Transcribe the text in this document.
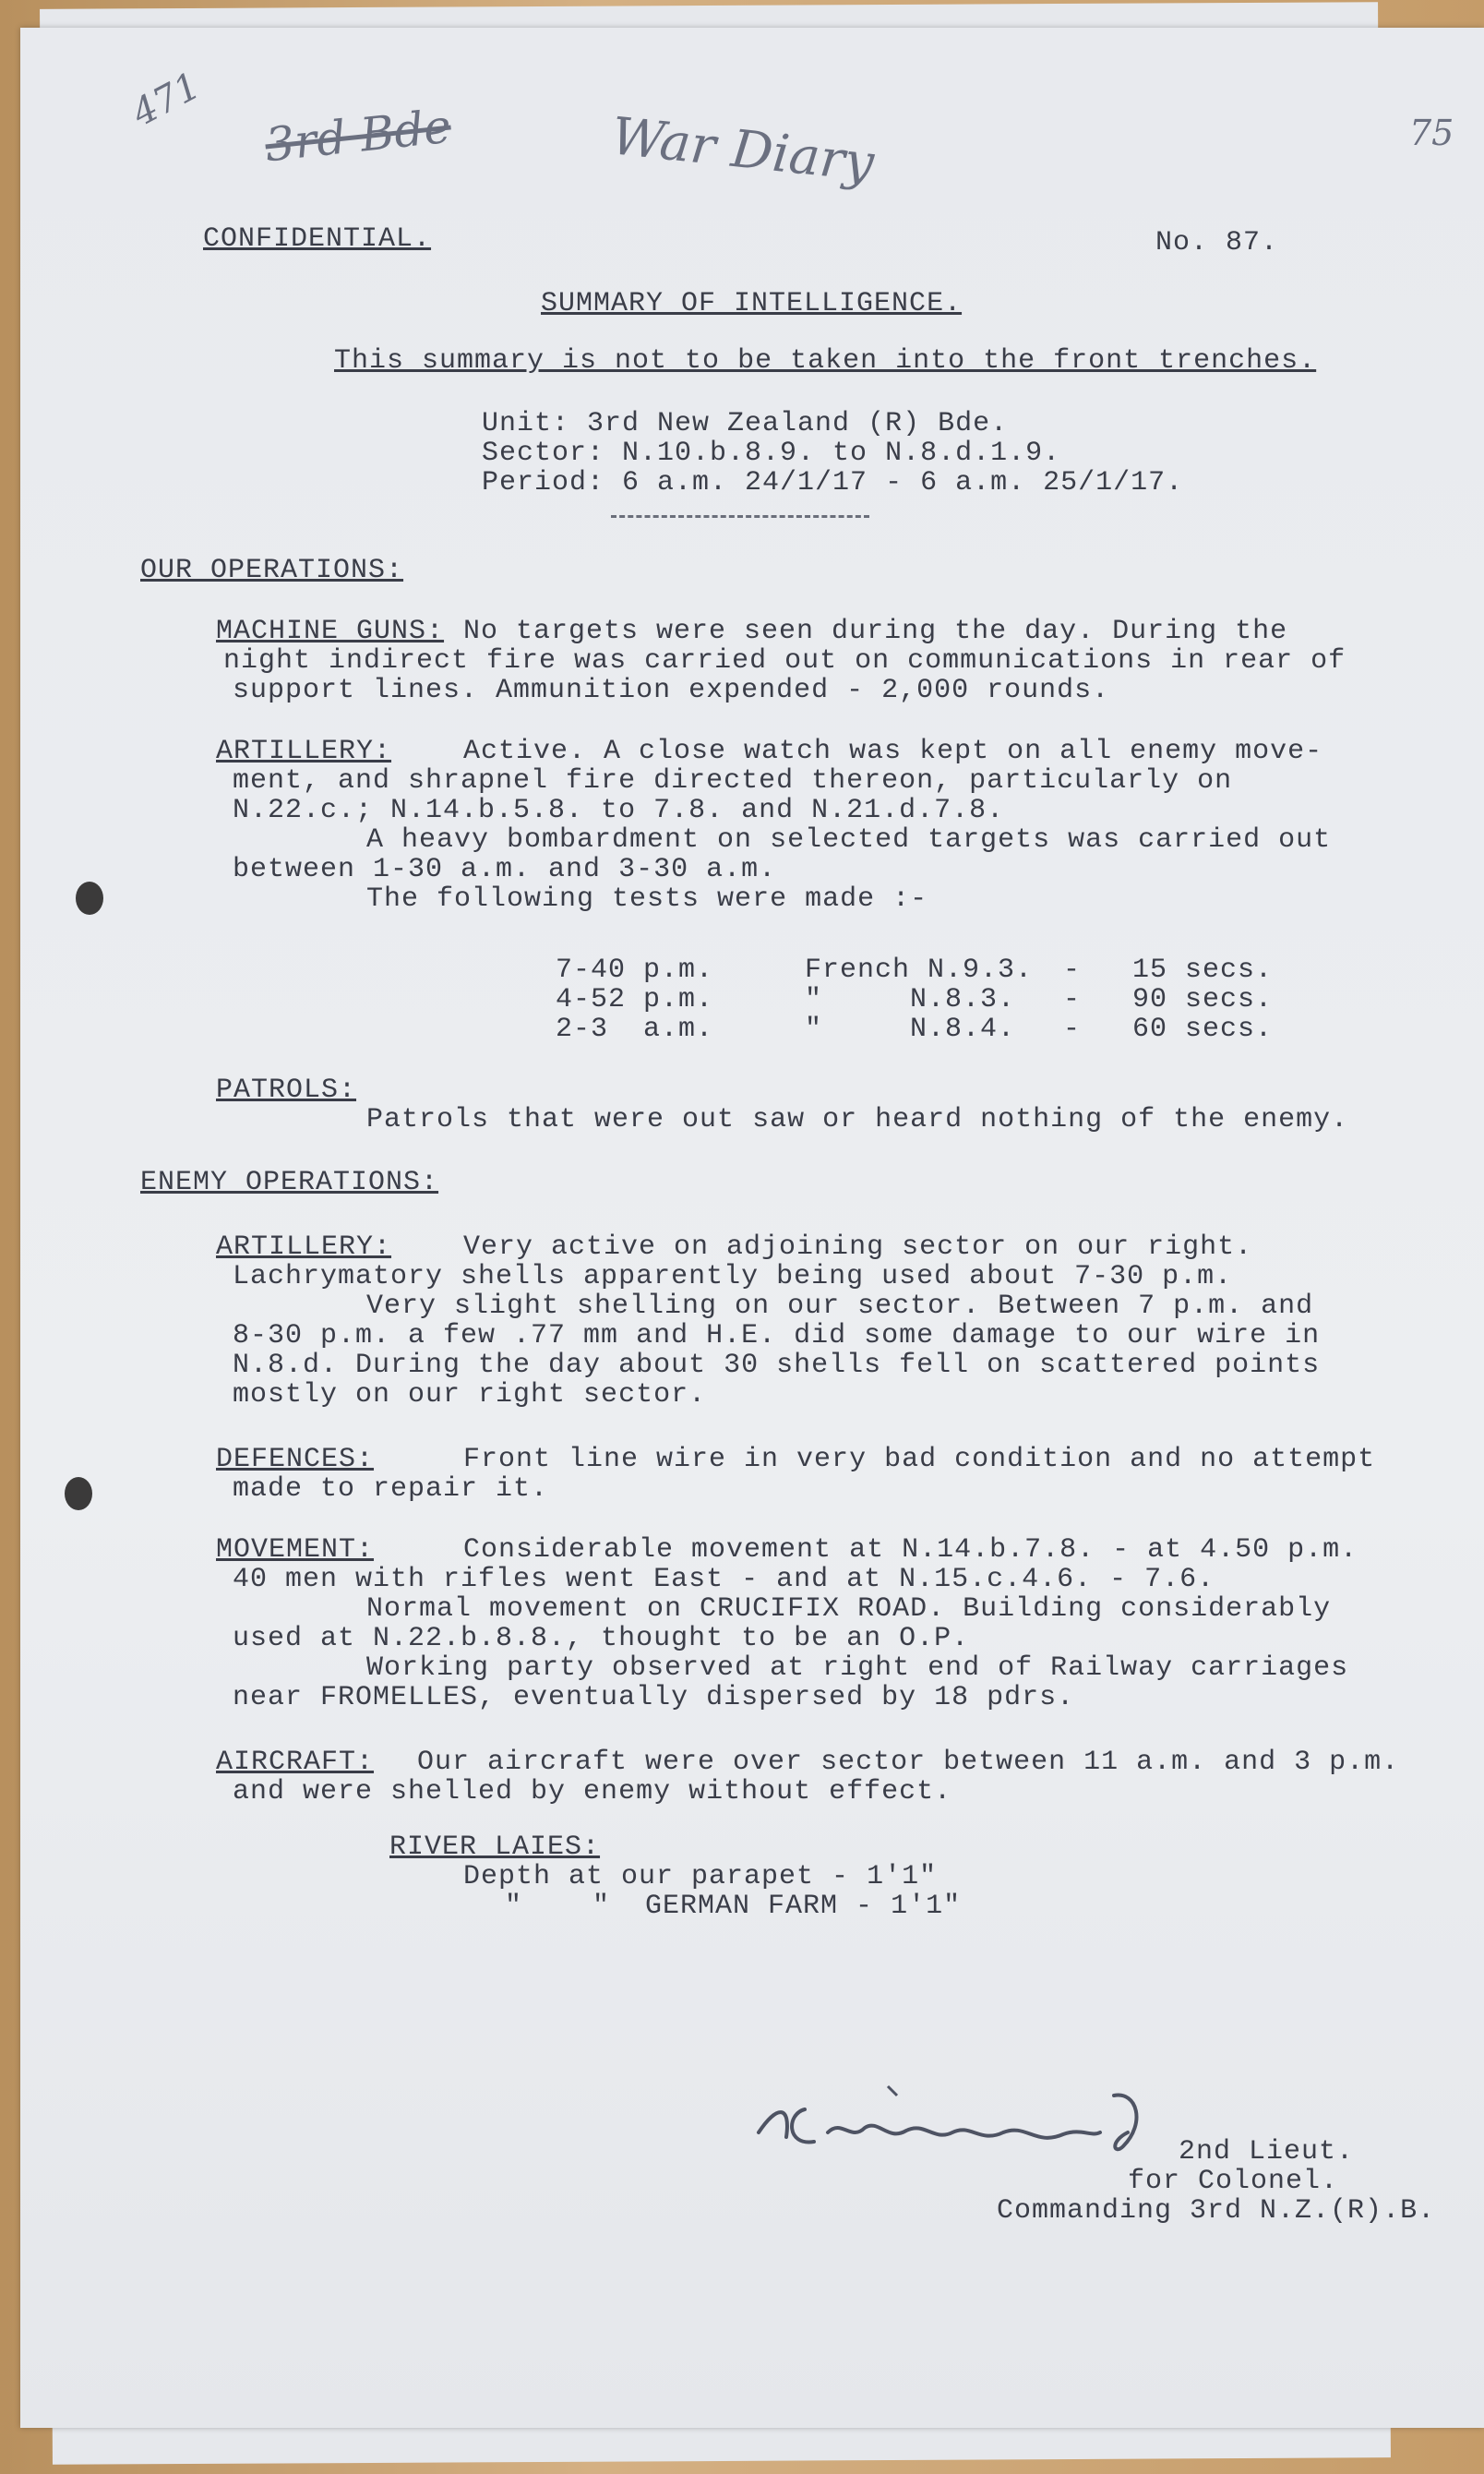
471 3rd Bde	War Diary	75
CONFIDENTIAL.	No. 87.
SUMMARY OF INTELLIGENCE.
This summary is not to be taken into the front trenches.
Unit: 3rd New Zealand (R) Bde.
Sector: N.10.b.8.9. to N.8.d.1.9.
Period: 6 a.m. 24/1/17 - 6 a.m. 25/1/17.
OUR OPERATIONS:
MACHINE GUNS: No targets were seen during the day. During the
night indirect fire was carried out on communications in rear of
support lines. Ammunition expended - 2,000 rounds.
ARTILLERY:	Active. A close watch was kept on all enemy move-
ment, and shrapnel fire directed thereon, particularly on
N.22.c.; N.14.b.5.8. to 7.8. and N.21.d.7.8.
A heavy bombardment on selected targets was carried out
between 1-30 a.m. and 3-30 a.m.
The following tests were made :-
7-40 p.m.	French N.9.3. - 15 secs.
4-52 p.m.	"     N.8.3. - 90 secs.
2-3  a.m.	"     N.8.4. - 60 secs.
PATROLS:
Patrols that were out saw or heard nothing of the enemy.
ENEMY OPERATIONS:
ARTILLERY:	Very active on adjoining sector on our right.
Lachrymatory shells apparently being used about 7-30 p.m.
Very slight shelling on our sector. Between 7 p.m. and
8-30 p.m. a few .77 mm and H.E. did some damage to our wire in
N.8.d. During the day about 30 shells fell on scattered points
mostly on our right sector.
DEFENCES:	Front line wire in very bad condition and no attempt
made to repair it.
MOVEMENT:	Considerable movement at N.14.b.7.8. - at 4.50 p.m.
40 men with rifles went East - and at N.15.c.4.6. - 7.6.
Normal movement on CRUCIFIX ROAD. Building considerably
used at N.22.b.8.8., thought to be an O.P.
Working party observed at right end of Railway carriages
near FROMELLES, eventually dispersed by 18 pdrs.
AIRCRAFT: Our aircraft were over sector between 11 a.m. and 3 p.m.
and were shelled by enemy without effect.
RIVER LAIES:
Depth at our parapet - 1'1"
"    "  GERMAN FARM - 1'1"
2nd Lieut.
for Colonel.
Commanding 3rd N.Z.(R).B.
